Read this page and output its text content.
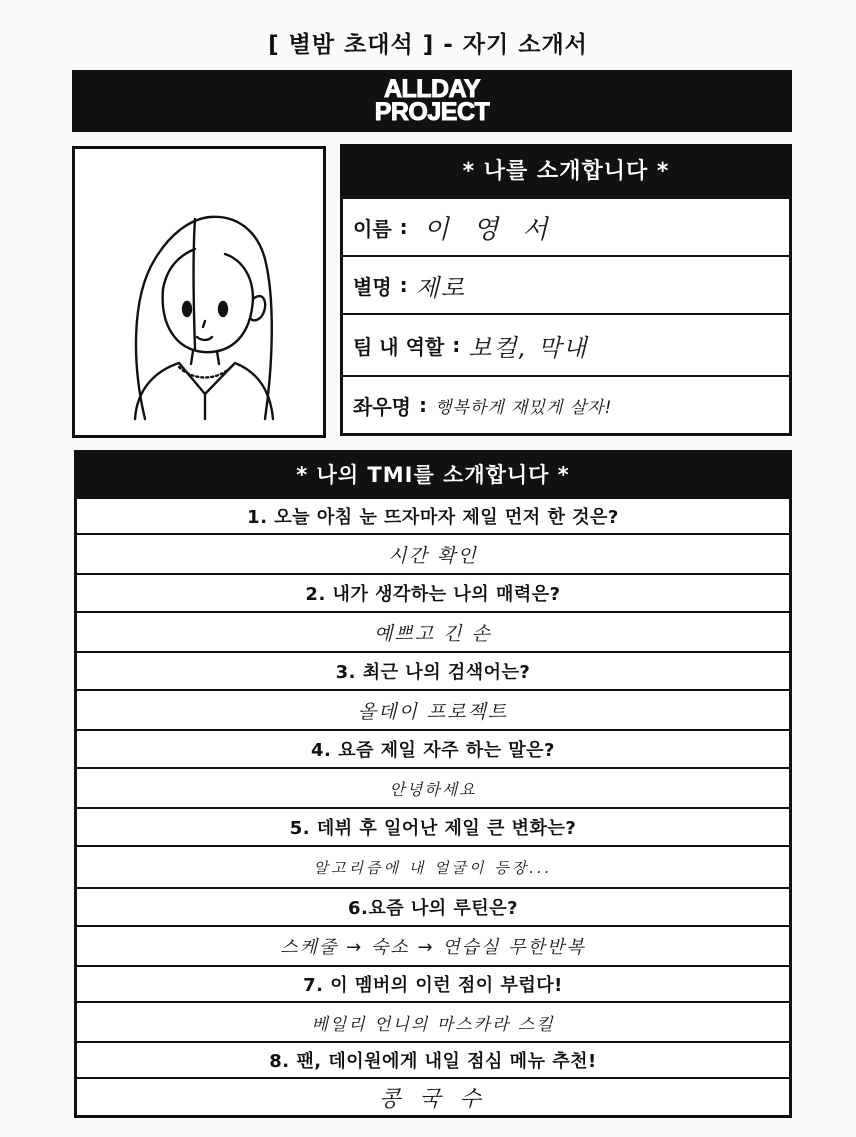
[ 별밤 초대석 ] - 자기 소개서
ALLDAY
PROJECT
* 나를 소개합니다 *
이름 : 이 영 서
별명 : 제로
팀 내 역할 : 보컬, 막내
좌우명 : 행복하게 재밌게 살자!
* 나의 TMI를 소개합니다 *
1. 오늘 아침 눈 뜨자마자 제일 먼저 한 것은?
시간 확인
2. 내가 생각하는 나의 매력은?
예쁘고 긴 손
3. 최근 나의 검색어는?
올데이 프로젝트
4. 요즘 제일 자주 하는 말은?
안녕하세요
5. 데뷔 후 일어난 제일 큰 변화는?
알고리즘에 내 얼굴이 등장...
6.요즘 나의 루틴은?
스케줄 → 숙소 → 연습실 무한반복
7. 이 멤버의 이런 점이 부럽다!
베일리 언니의 마스카라 스킬
8. 팬, 데이원에게 내일 점심 메뉴 추천!
콩 국 수
